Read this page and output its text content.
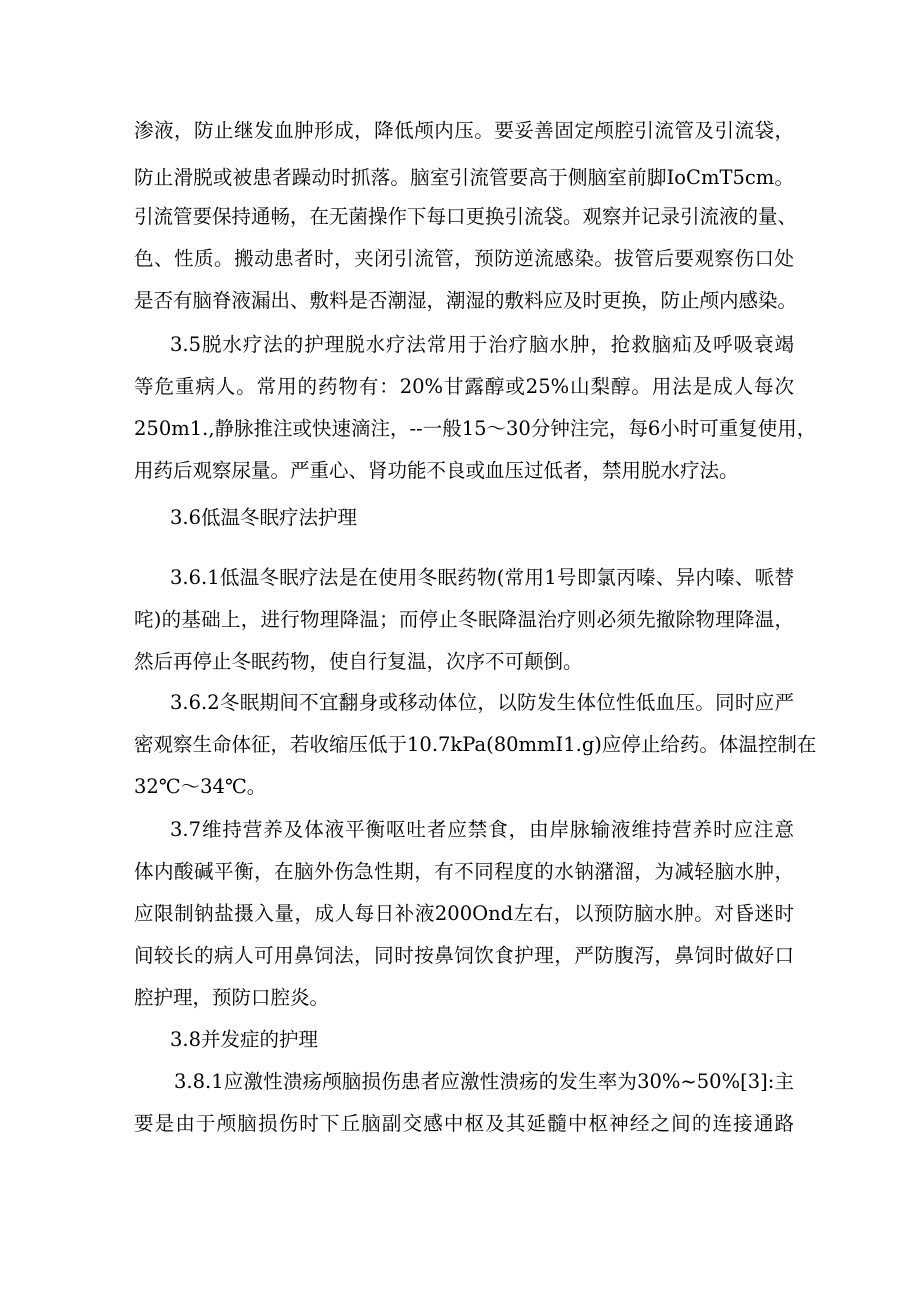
渗液，防止继发血肿形成，降低颅内压。要妥善固定颅腔引流管及引流袋，
防止滑脱或被患者躁动时抓落。脑室引流管要高于侧脑室前脚IoCmT5cm。
引流管要保持通畅，在无菌操作下每口更换引流袋。观察并记录引流液的量、
色、性质。搬动患者时，夹闭引流管，预防逆流感染。拔管后要观察伤口处
是否有脑脊液漏出、敷料是否潮湿，潮湿的敷料应及时更换，防止颅内感染。
3.5脱水疗法的护理脱水疗法常用于治疗脑水肿，抢救脑疝及呼吸衰竭
等危重病人。常用的药物有：20%甘露醇或25%山梨醇。用法是成人每次
250m1.,静脉推注或快速滴注，--一般15～30分钟注完，每6小时可重复使用，
用药后观察尿量。严重心、肾功能不良或血压过低者，禁用脱水疗法。
3.6低温冬眠疗法护理
3.6.1低温冬眠疗法是在使用冬眠药物(常用1号即氯丙嗪、异内嗪、哌替
咤)的基础上，进行物理降温；而停止冬眠降温治疗则必须先撤除物理降温，
然后再停止冬眠药物，使自行复温，次序不可颠倒。
3.6.2冬眠期间不宜翻身或移动体位，以防发生体位性低血压。同时应严
密观察生命体征，若收缩压低于10.7kPa(80mmI1.g)应停止给药。体温控制在
32℃～34℃。
3.7维持营养及体液平衡呕吐者应禁食，由岸脉输液维持营养时应注意
体内酸碱平衡，在脑外伤急性期，有不同程度的水钠潴溜，为减轻脑水肿，
应限制钠盐摄入量，成人每日补液200Ond左右，以预防脑水肿。对昏迷时
间较长的病人可用鼻饲法，同时按鼻饲饮食护理，严防腹泻，鼻饲时做好口
腔护理，预防口腔炎。
3.8并发症的护理
3.8.1应激性溃疡颅脑损伤患者应激性溃疡的发生率为30%~50%[3]:主
要是由于颅脑损伤时下丘脑副交感中枢及其延髓中枢神经之间的连接通路
